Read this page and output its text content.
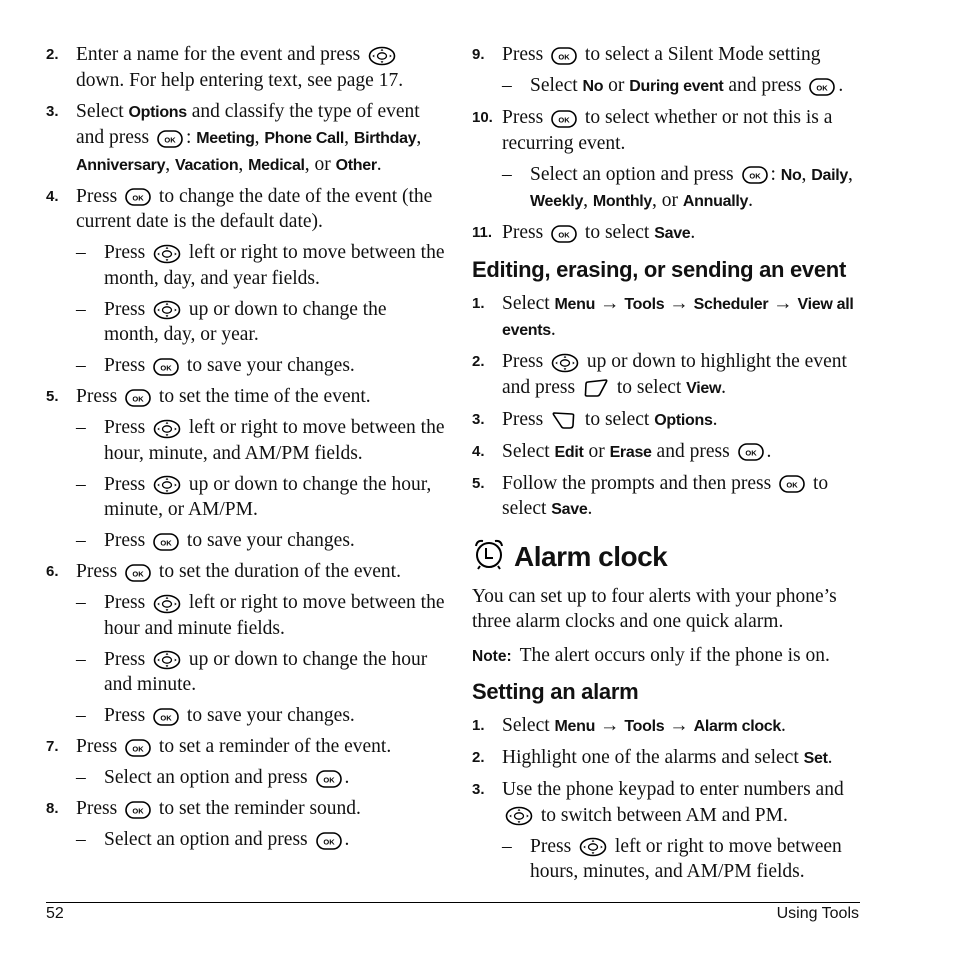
2. Enter a name for the event and press
down. For help entering text, see page 17.
3. Select Options and classify the type of event and press : Meeting, Phone Call, Birthday, Anniversary, Vacation, Medical, or Other.
4. Press to change the date of the event (the current date is the default date).
– Press left or right to move between the month, day, and year fields.
– Press up or down to change the month, day, or year.
– Press to save your changes.
5. Press to set the time of the event.
– Press left or right to move between the hour, minute, and AM/PM fields.
– Press up or down to change the hour, minute, or AM/PM.
– Press to save your changes.
6. Press to set the duration of the event.
– Press left or right to move between the hour and minute fields.
– Press up or down to change the hour and minute.
– Press to save your changes.
7. Press to set a reminder of the event.
– Select an option and press .
8. Press to set the reminder sound.
– Select an option and press .
9. Press to select a Silent Mode setting
– Select No or During event and press .
10. Press to select whether or not this is a recurring event.
– Select an option and press : No, Daily, Weekly, Monthly, or Annually.
11. Press to select Save.
Editing, erasing, or sending an event
1. Select Menu → Tools → Scheduler → View all events.
2. Press up or down to highlight the event and press to select View.
3. Press to select Options.
4. Select Edit or Erase and press .
5. Follow the prompts and then press to select Save.
Alarm clock

You can set up to four alerts with your phone’s three alarm clocks and one quick alarm.

Note: The alert occurs only if the phone is on.

Setting an alarm
1. Select Menu → Tools → Alarm clock.
2. Highlight one of the alarms and select Set.
3. Use the phone keypad to enter numbers and
to switch between AM and PM.
– Press left or right to move between hours, minutes, and AM/PM fields.
52	Using Tools
